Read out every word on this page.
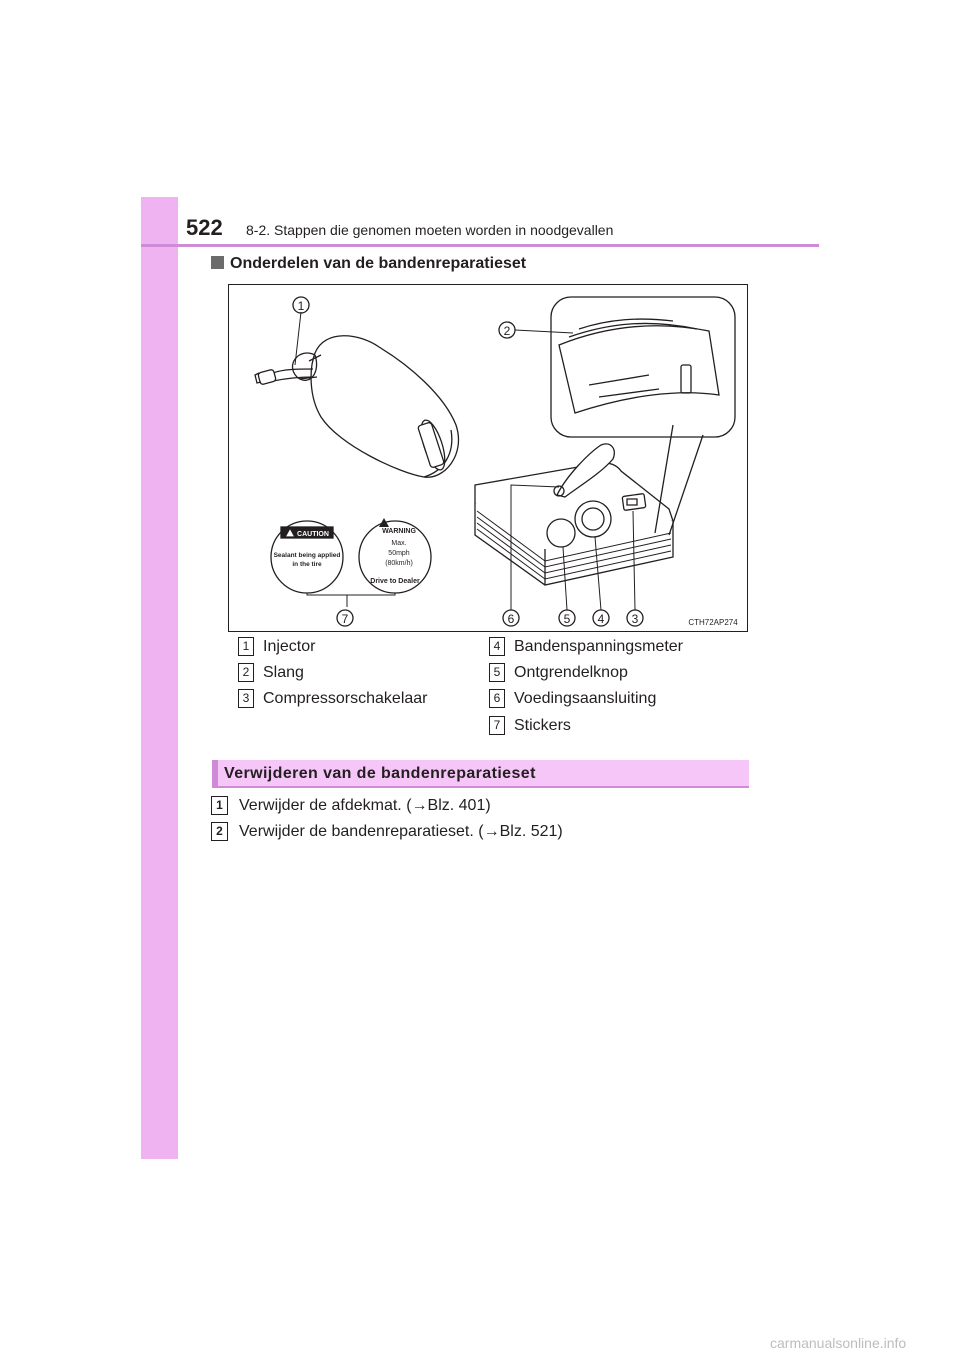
522 8-2. Stappen die genomen moeten worden in noodgevallen
Onderdelen van de bandenreparatieset
1
2
3
4
5
6
7
CAUTION
Sealant being applied
in the tire
WARNING
Max.
50mph
(80km/h)
Drive to Dealer
CTH72AP274
1 Injector
2 Slang
3 Compressorschakelaar
4 Bandenspanningsmeter
5 Ontgrendelknop
6 Voedingsaansluiting
7 Stickers
Verwijderen van de bandenreparatieset
1 Verwijder de afdekmat. (→Blz. 401)
2 Verwijder de bandenreparatieset. (→Blz. 521)
carmanualsonline.info
